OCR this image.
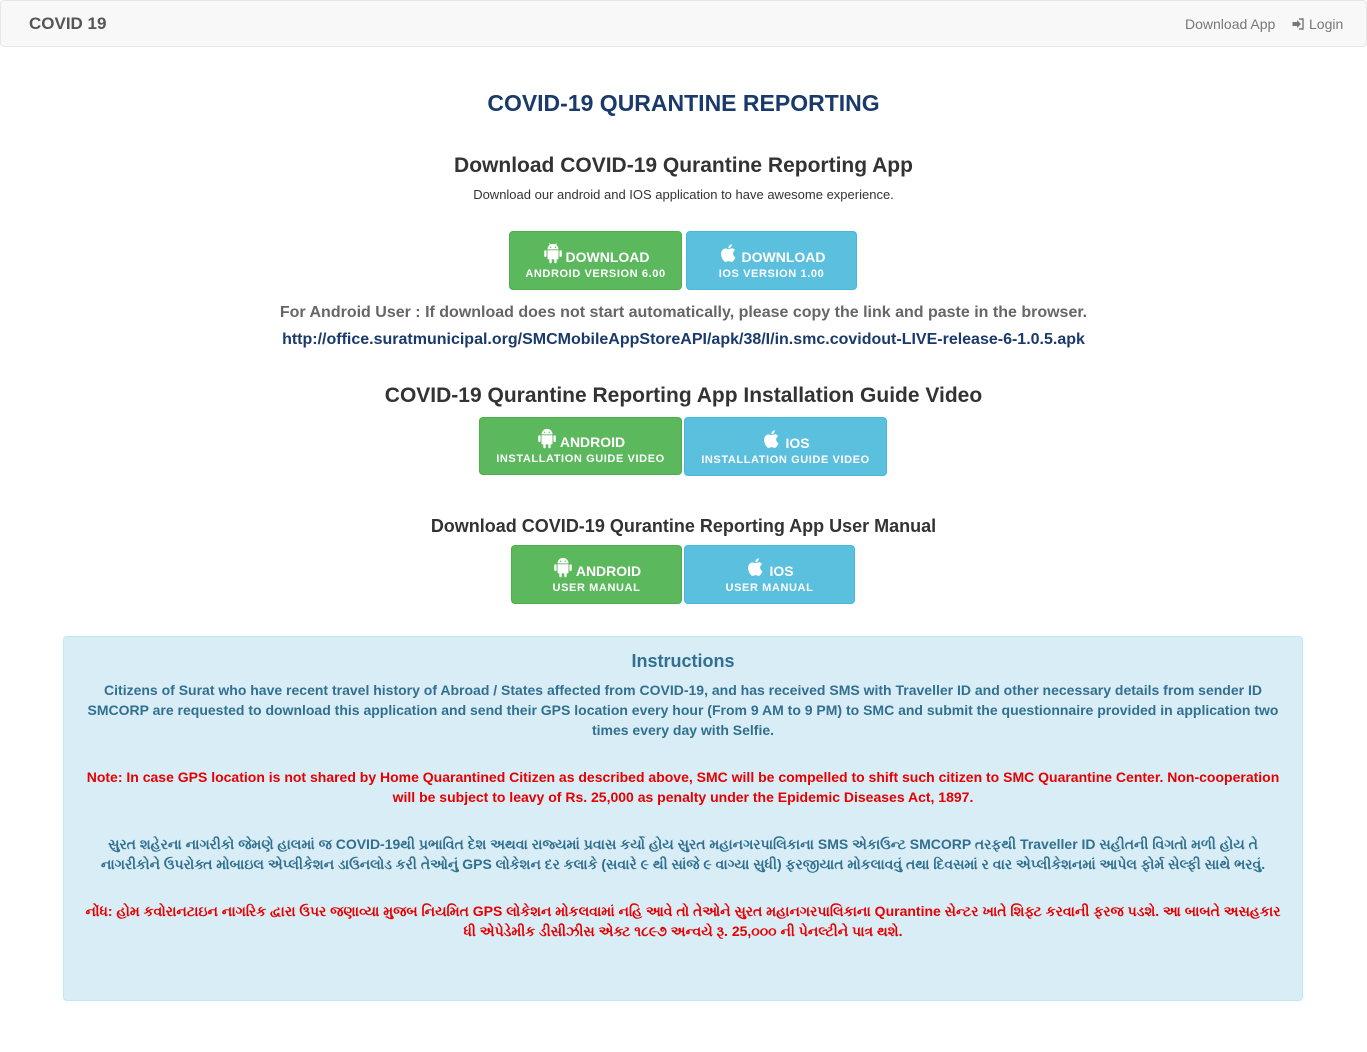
COVID 19	Download App Login
COVID-19 QURANTINE REPORTING
Download COVID-19 Qurantine Reporting App
Download our android and IOS application to have awesome experience.
DOWNLOAD
ANDROID VERSION 6.00
DOWNLOAD
IOS VERSION 1.00
For Android User : If download does not start automatically, please copy the link and paste in the browser.
http://office.suratmunicipal.org/SMCMobileAppStoreAPI/apk/38/I/in.smc.covidout-LIVE-release-6-1.0.5.apk
COVID-19 Qurantine Reporting App Installation Guide Video
ANDROID
INSTALLATION GUIDE VIDEO
IOS
INSTALLATION GUIDE VIDEO
Download COVID-19 Qurantine Reporting App User Manual
ANDROID
USER MANUAL
IOS
USER MANUAL
Instructions

Citizens of Surat who have recent travel history of Abroad / States affected from COVID-19, and has received SMS with Traveller ID and other necessary details from sender ID SMCORP are requested to download this application and send their GPS location every hour (From 9 AM to 9 PM) to SMC and submit the questionnaire provided in application two times every day with Selfie.

Note: In case GPS location is not shared by Home Quarantined Citizen as described above, SMC will be compelled to shift such citizen to SMC Quarantine Center. Non-cooperation will be subject to leavy of Rs. 25,000 as penalty under the Epidemic Diseases Act, 1897.

સુરત શહેરના નાગરીકો જેમણે હાલમાં જ COVID-19થી પ્રભાવિત દેશ અથવા રાજ્યમાં પ્રવાસ કર્યો હોય સુરત મહાનગરપાલિકાના SMS એકાઉન્ટ SMCORP તરફથી Traveller ID સહીતની વિગતો મળી હોય તે નાગરીકોને ઉપરોક્ત મોબાઇલ એપ્લીકેશન ડાઉનલોડ કરી તેઓનું GPS લોકેશન દર કલાકે (સવારે ૯ થી સાંજે ૯ વાગ્યા સુધી) ફરજીયાત મોકલાવવું તથા દિવસમાં ર વાર એપ્લીકેશનમાં આપેલ ફોર્મ સેલ્ફી સાથે ભરવું.

નોંધ: હોમ કવોરાનટાઇન નાગરિક દ્વારા ઉપર જણાવ્યા મુજબ નિયમિત GPS લોકેશન મોકલવામાં નહિ આવે તો તેઓને સુરત મહાનગરપાલિકાના Qurantine સેન્ટર ખાતે શિફ્ટ કરવાની ફરજ પડશે. આ બાબતે અસહકાર ધી એપેડેમીક ડીસીઝીસ એક્ટ ૧૮૯૭ અન્વયે રૂ. 25,૦૦૦ ની પેનલ્ટીને પાત્ર થશે.
